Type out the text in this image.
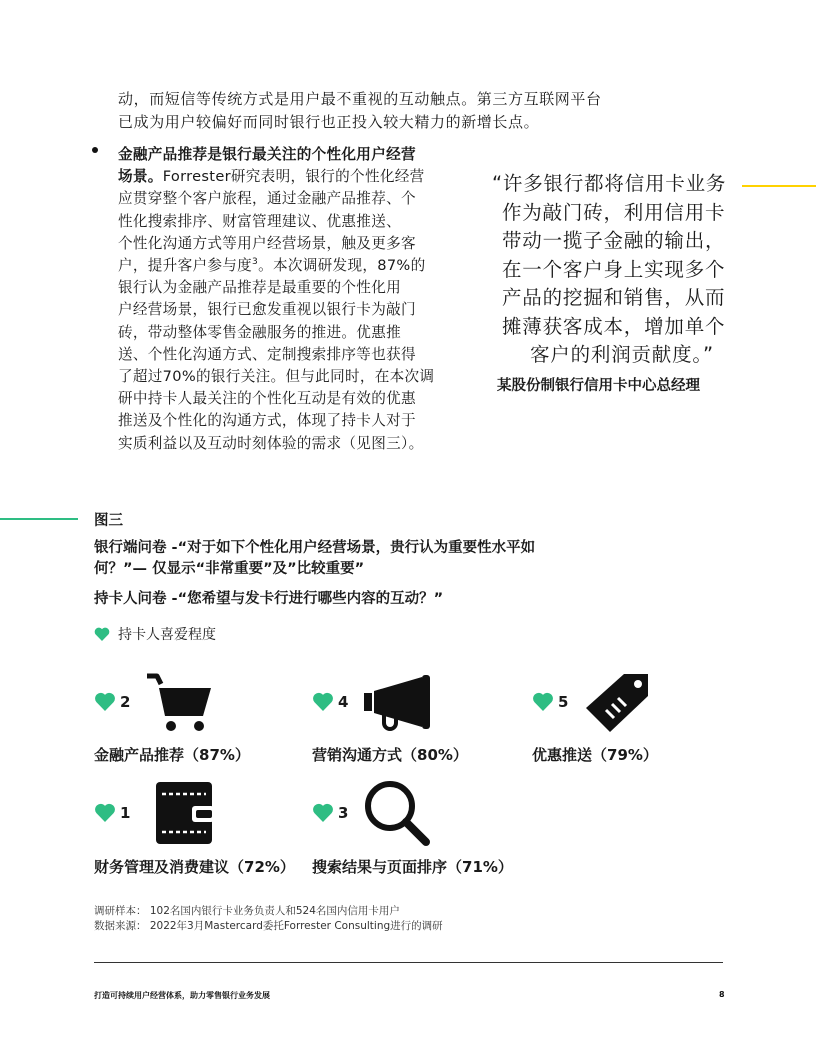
动，而短信等传统方式是用户最不重视的互动触点。第三方互联网平台
已成为用户较偏好而同时银行也正投入较大精力的新增长点。
金融产品推荐是银行最关注的个性化用户经营
场景。Forrester研究表明，银行的个性化经营
应贯穿整个客户旅程，通过金融产品推荐、个
性化搜索排序、财富管理建议、优惠推送、
个性化沟通方式等用户经营场景，触及更多客
户，提升客户参与度$^3$。本次调研发现，87%的
银行认为金融产品推荐是最重要的个性化用
户经营场景，银行已愈发重视以银行卡为敲门
砖，带动整体零售金融服务的推进。优惠推
送、个性化沟通方式、定制搜索排序等也获得
了超过70%的银行关注。但与此同时，在本次调
研中持卡人最关注的个性化互动是有效的优惠
推送及个性化的沟通方式，体现了持卡人对于
实质利益以及互动时刻体验的需求（见图三）。
“许多银行都将信用卡业务
作为敲门砖，利用信用卡
带动一揽子金融的输出，
在一个客户身上实现多个
产品的挖掘和销售，从而
摊薄获客成本，增加单个
客户的利润贡献度。”
某股份制银行信用卡中心总经理
图三
银行端问卷 -“对于如下个性化用户经营场景，贵行认为重要性水平如
何？”— 仅显示“非常重要”及”比较重要”
持卡人问卷 -“您希望与发卡行进行哪些内容的互动？”
持卡人喜爱程度
2
金融产品推荐（87%）
4
营销沟通方式（80%）
5
优惠推送（79%）
1
财务管理及消费建议（72%）
3
搜索结果与页面排序（71%）
调研样本： 102名国内银行卡业务负责人和524名国内信用卡用户
数据来源： 2022年3月Mastercard委托Forrester Consulting进行的调研
打造可持续用户经营体系，助力零售银行业务发展	8
